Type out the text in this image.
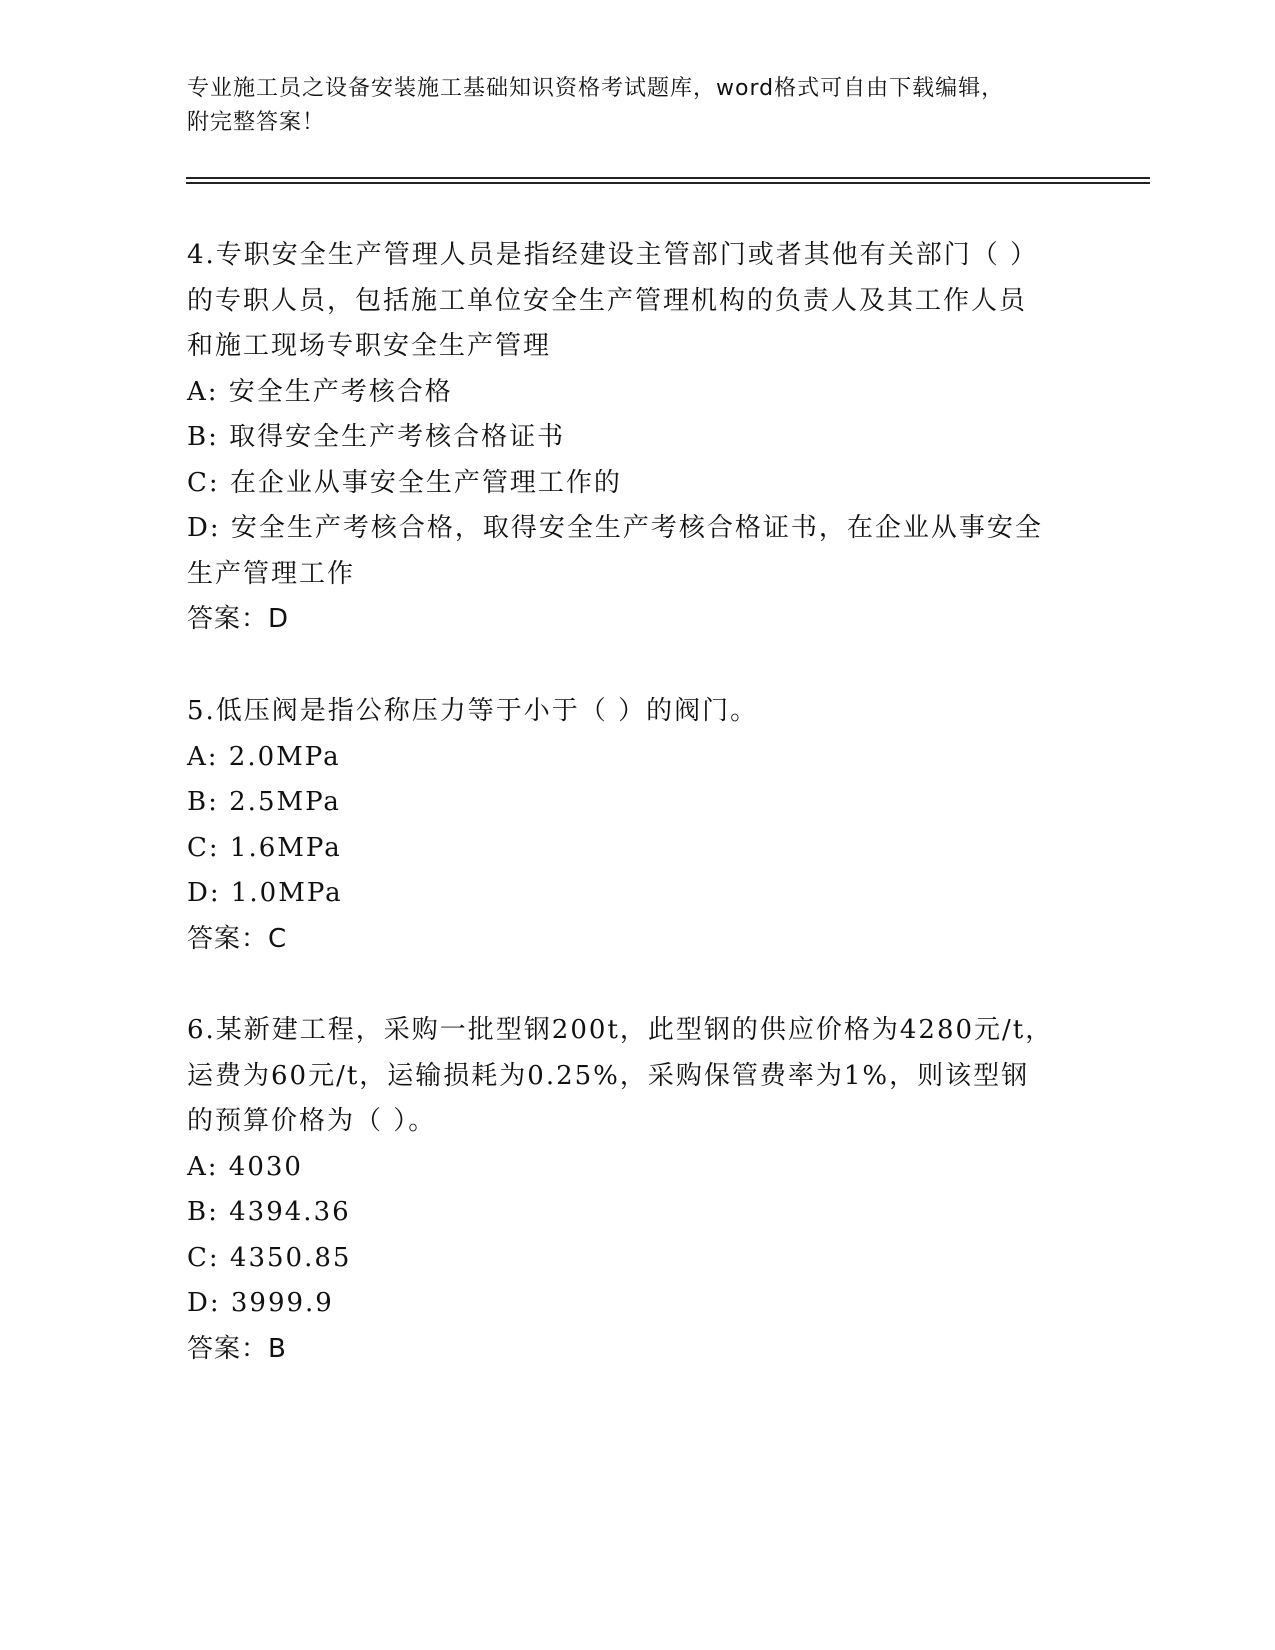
专业施工员之设备安装施工基础知识资格考试题库，word格式可自由下载编辑，
附完整答案！
4.专职安全生产管理人员是指经建设主管部门或者其他有关部门（ ）
的专职人员，包括施工单位安全生产管理机构的负责人及其工作人员
和施工现场专职安全生产管理
A: 安全生产考核合格
B: 取得安全生产考核合格证书
C: 在企业从事安全生产管理工作的
D: 安全生产考核合格，取得安全生产考核合格证书，在企业从事安全
生产管理工作
答案：D
5.低压阀是指公称压力等于小于（ ）的阀门。
A: 2.0MPa
B: 2.5MPa
C: 1.6MPa
D: 1.0MPa
答案：C
6.某新建工程，采购一批型钢200t，此型钢的供应价格为4280元/t，
运费为60元/t，运输损耗为0.25%，采购保管费率为1%，则该型钢
的预算价格为（ ）。
A: 4030
B: 4394.36
C: 4350.85
D: 3999.9
答案：B
